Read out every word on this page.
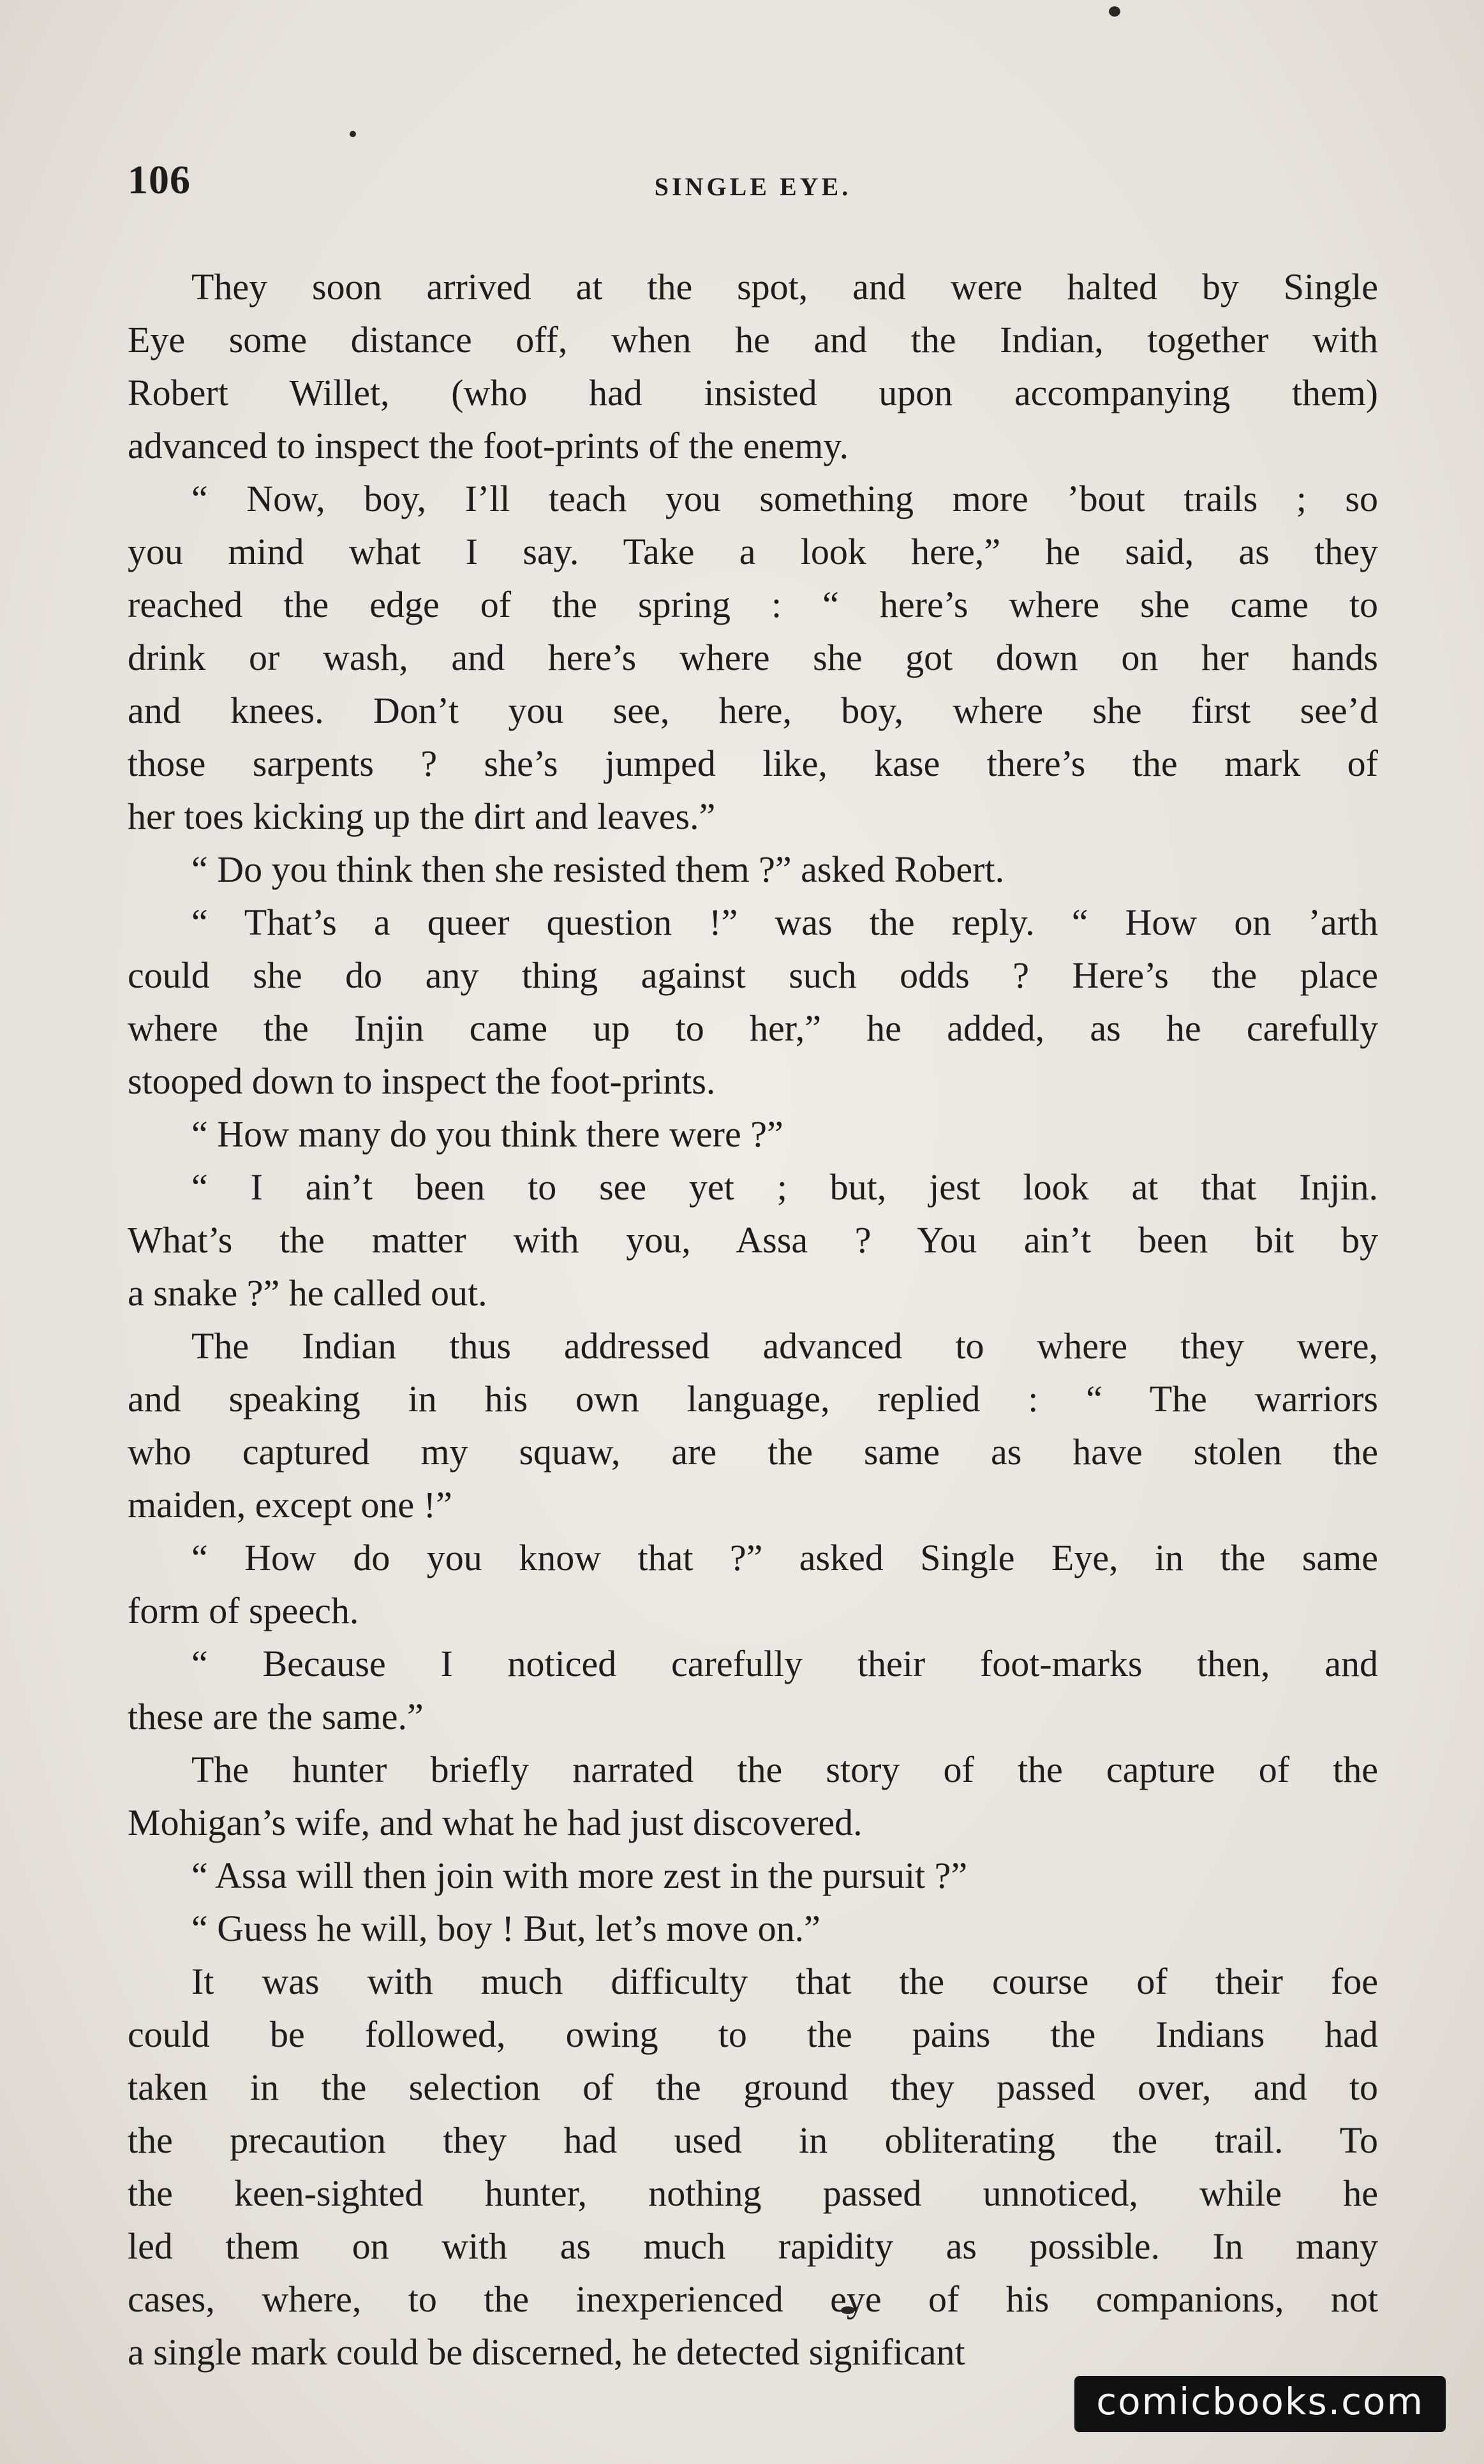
106	SINGLE EYE.

They soon arrived at the spot, and were halted by Single
Eye some distance off, when he and the Indian, together with
Robert Willet, (who had insisted upon accompanying them)
advanced to inspect the foot-prints of the enemy.

“ Now, boy, I’ll teach you something more ’bout trails ; so
you mind what I say. Take a look here,” he said, as they
reached the edge of the spring : “ here’s where she came to
drink or wash, and here’s where she got down on her hands
and knees. Don’t you see, here, boy, where she first see’d
those sarpents ? she’s jumped like, kase there’s the mark of
her toes kicking up the dirt and leaves.”

“ Do you think then she resisted them ?” asked Robert.

“ That’s a queer question !” was the reply. “ How on ’arth
could she do any thing against such odds ? Here’s the place
where the Injin came up to her,” he added, as he carefully
stooped down to inspect the foot-prints.

“ How many do you think there were ?”

“ I ain’t been to see yet ; but, jest look at that Injin.
What’s the matter with you, Assa ? You ain’t been bit by
a snake ?” he called out.

The Indian thus addressed advanced to where they were,
and speaking in his own language, replied : “ The warriors
who captured my squaw, are the same as have stolen the
maiden, except one !”

“ How do you know that ?” asked Single Eye, in the same
form of speech.

“ Because I noticed carefully their foot-marks then, and
these are the same.”

The hunter briefly narrated the story of the capture of the
Mohigan’s wife, and what he had just discovered.

“ Assa will then join with more zest in the pursuit ?”

“ Guess he will, boy ! But, let’s move on.”

It was with much difficulty that the course of their foe
could be followed, owing to the pains the Indians had
taken in the selection of the ground they passed over, and to
the precaution they had used in obliterating the trail. To
the keen-sighted hunter, nothing passed unnoticed, while he
led them on with as much rapidity as possible. In many
cases, where, to the inexperienced eye of his companions, not
a single mark could be discerned, he detected significant

comicbooks.com
